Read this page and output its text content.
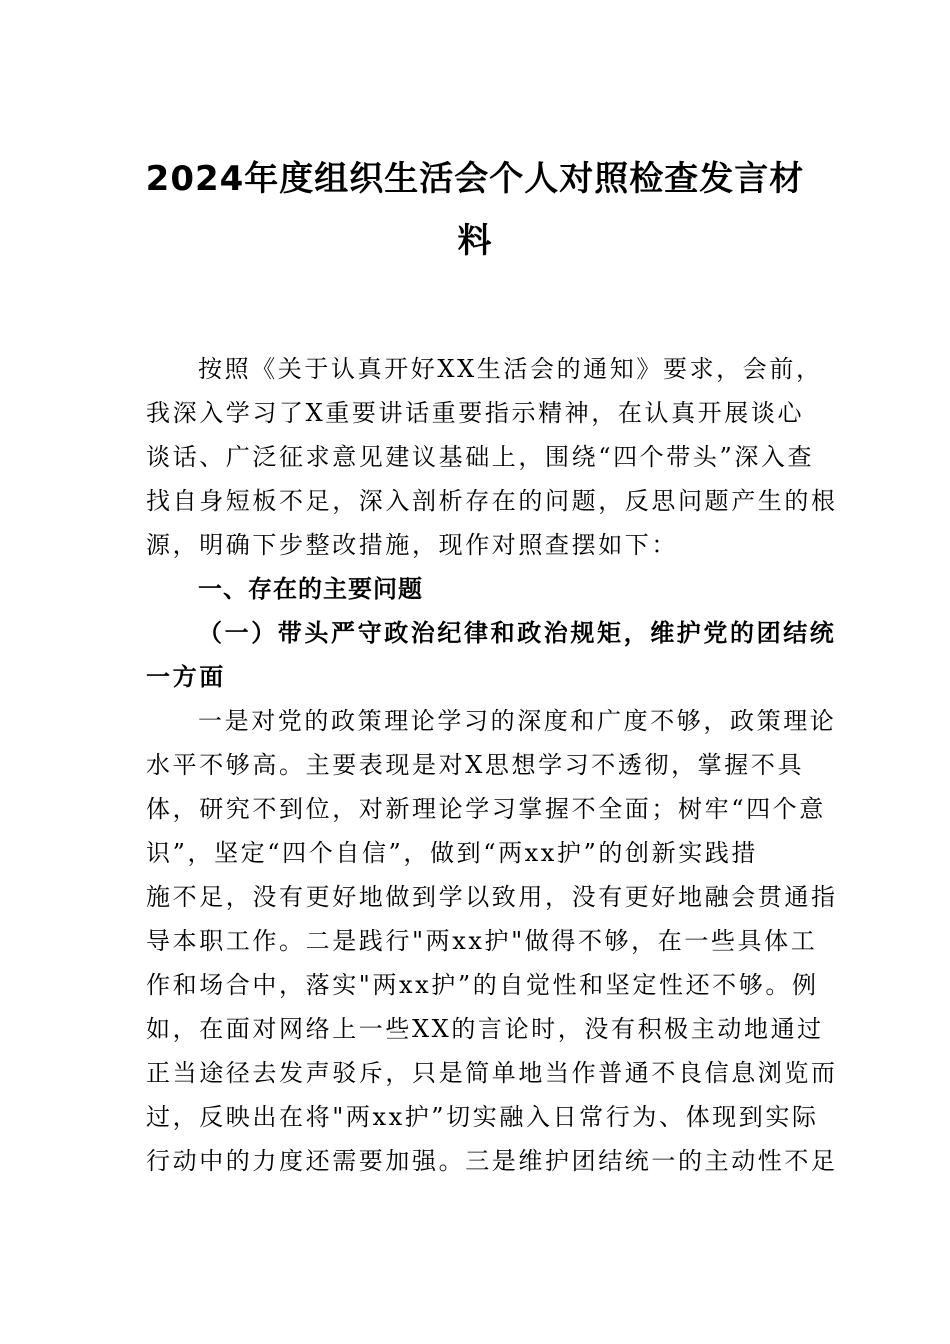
2024年度组织生活会个人对照检查发言材
料
按照《关于认真开好XX生活会的通知》要求，会前，
我深入学习了X重要讲话重要指示精神，在认真开展谈心
谈话、广泛征求意见建议基础上，围绕“四个带头”深入查
找自身短板不足，深入剖析存在的问题，反思问题产生的根
源，明确下步整改措施，现作对照查摆如下：
一、存在的主要问题
（一）带头严守政治纪律和政治规矩，维护党的团结统
一方面
一是对党的政策理论学习的深度和广度不够，政策理论
水平不够高。主要表现是对X思想学习不透彻，掌握不具
体，研究不到位，对新理论学习掌握不全面；树牢“四个意
识”，坚定“四个自信”，做到“两xx护”的创新实践措
施不足，没有更好地做到学以致用，没有更好地融会贯通指
导本职工作。二是践行"两xx护"做得不够，在一些具体工
作和场合中，落实"两xx护”的自觉性和坚定性还不够。例
如，在面对网络上一些XX的言论时，没有积极主动地通过
正当途径去发声驳斥，只是简单地当作普通不良信息浏览而
过，反映出在将"两xx护”切实融入日常行为、体现到实际
行动中的力度还需要加强。三是维护团结统一的主动性不足
